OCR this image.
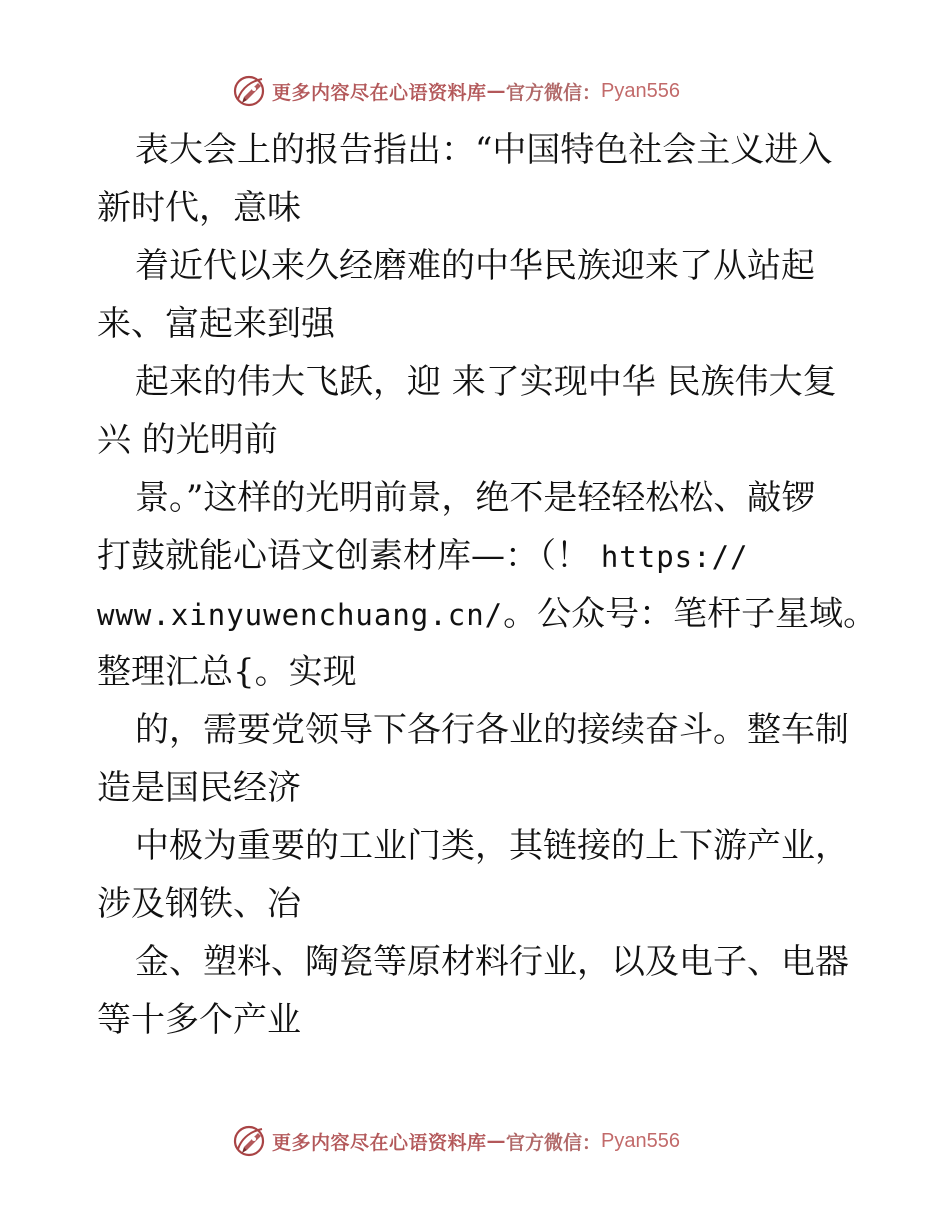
更多内容尽在心语资料库 — 官方微信： Pyan556
表大会上的报告指出：“中国特色社会主义进入
新时代，意味
着近代以来久经磨难的中华民族迎来了从站起
来、富起来到强
起来的伟大飞跃，迎 来了实现中华 民族伟大复
兴 的光明前
景。”这样的光明前景，绝不是轻轻松松、敲锣
打鼓就能心语文创素材库—：（！ https://
www.xinyuwenchuang.cn/。公众号：笔杆子星域。
整理汇总{。实现
的，需要党领导下各行各业的接续奋斗。整车制
造是国民经济
中极为重要的工业门类，其链接的上下游产业，
涉及钢铁、冶
金、塑料、陶瓷等原材料行业，以及电子、电器
等十多个产业
更多内容尽在心语资料库 — 官方微信： Pyan556
